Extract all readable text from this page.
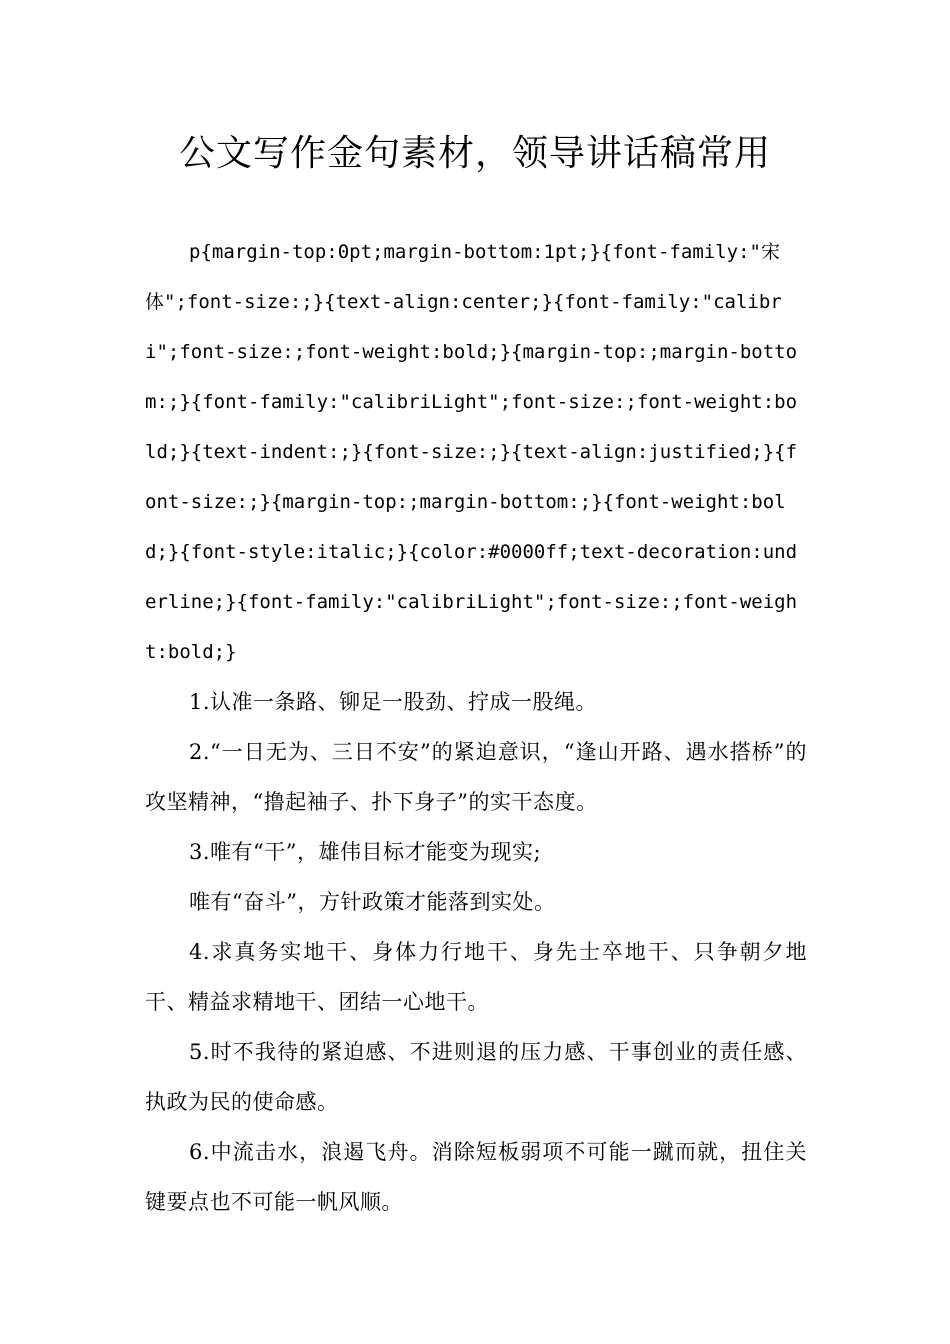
公文写作金句素材，领导讲话稿常用

p{margin-top:0pt;margin-bottom:1pt;}{font-family:"宋体";font-size:;}{text-align:center;}{font-family:"calibri";font-size:;font-weight:bold;}{margin-top:;margin-bottom:;}{font-family:"calibriLight";font-size:;font-weight:bold;}{text-indent:;}{font-size:;}{text-align:justified;}{font-size:;}{margin-top:;margin-bottom:;}{font-weight:bold;}{font-style:italic;}{color:#0000ff;text-decoration:underline;}{font-family:"calibriLight";font-size:;font-weight:bold;}

1.认准一条路、铆足一股劲、拧成一股绳。

2.“一日无为、三日不安”的紧迫意识，“逢山开路、遇水搭桥”的攻坚精神，“撸起袖子、扑下身子”的实干态度。

3.唯有“干”，雄伟目标才能变为现实;

唯有“奋斗”，方针政策才能落到实处。

4.求真务实地干、身体力行地干、身先士卒地干、只争朝夕地干、精益求精地干、团结一心地干。

5.时不我待的紧迫感、不进则退的压力感、干事创业的责任感、执政为民的使命感。

6.中流击水，浪遏飞舟。消除短板弱项不可能一蹴而就，扭住关键要点也不可能一帆风顺。
